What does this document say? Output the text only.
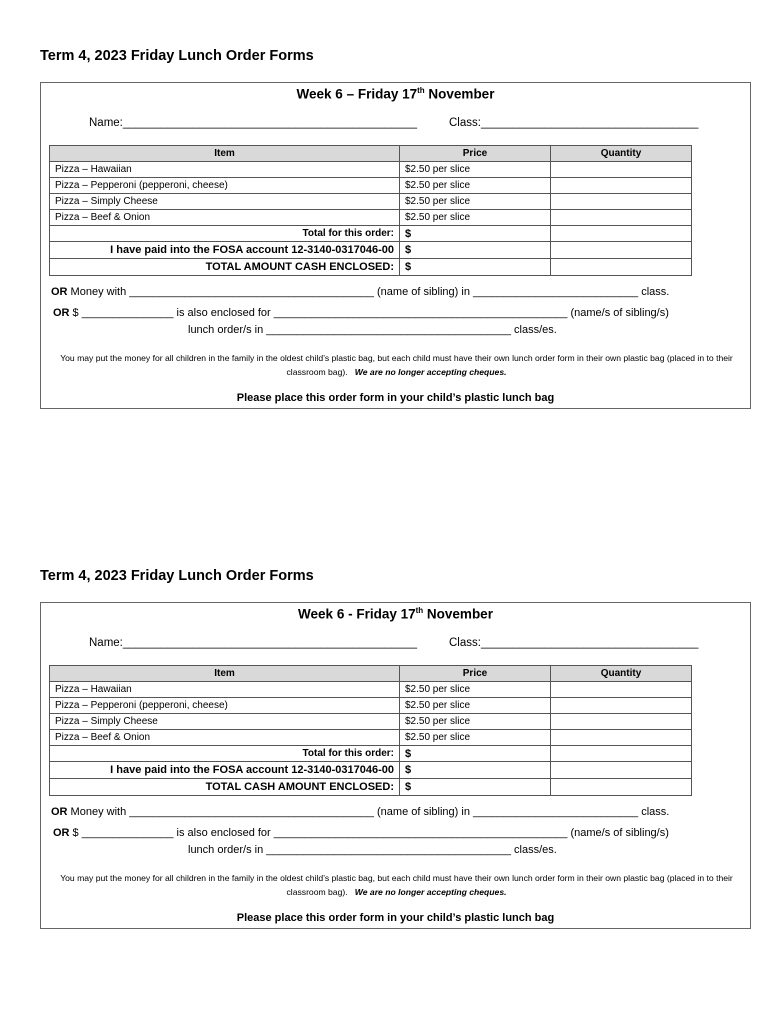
Term 4, 2023 Friday Lunch Order Forms
Week 6 – Friday 17th November
Name:______________________________________________	Class:__________________________________
Item	Price	Quantity
Pizza – Hawaiian	$2.50 per slice	
Pizza – Pepperoni (pepperoni, cheese)	$2.50 per slice	
Pizza – Simply Cheese	$2.50 per slice	
Pizza – Beef & Onion	$2.50 per slice	
Total for this order:	$	
I have paid into the FOSA account 12-3140-0317046-00	$	
TOTAL AMOUNT CASH ENCLOSED:	$	
OR Money with ________________________________________ (name of sibling) in ___________________________ class.
OR $ _______________ is also enclosed for ________________________________________________ (name/s of sibling/s)
lunch order/s in ________________________________________ class/es.
You may put the money for all children in the family in the oldest child’s plastic bag, but each child must have their own lunch order form in their own plastic bag (placed in to their classroom bag). We are no longer accepting cheques.
Please place this order form in your child’s plastic lunch bag
Term 4, 2023 Friday Lunch Order Forms
Week 6 - Friday 17th November
Name:______________________________________________	Class:__________________________________
Item	Price	Quantity
Pizza – Hawaiian	$2.50 per slice	
Pizza – Pepperoni (pepperoni, cheese)	$2.50 per slice	
Pizza – Simply Cheese	$2.50 per slice	
Pizza – Beef & Onion	$2.50 per slice	
Total for this order:	$	
I have paid into the FOSA account 12-3140-0317046-00	$	
TOTAL CASH AMOUNT ENCLOSED:	$	
OR Money with ________________________________________ (name of sibling) in ___________________________ class.
OR $ _______________ is also enclosed for ________________________________________________ (name/s of sibling/s)
lunch order/s in ________________________________________ class/es.
You may put the money for all children in the family in the oldest child’s plastic bag, but each child must have their own lunch order form in their own plastic bag (placed in to their classroom bag). We are no longer accepting cheques.
Please place this order form in your child’s plastic lunch bag
